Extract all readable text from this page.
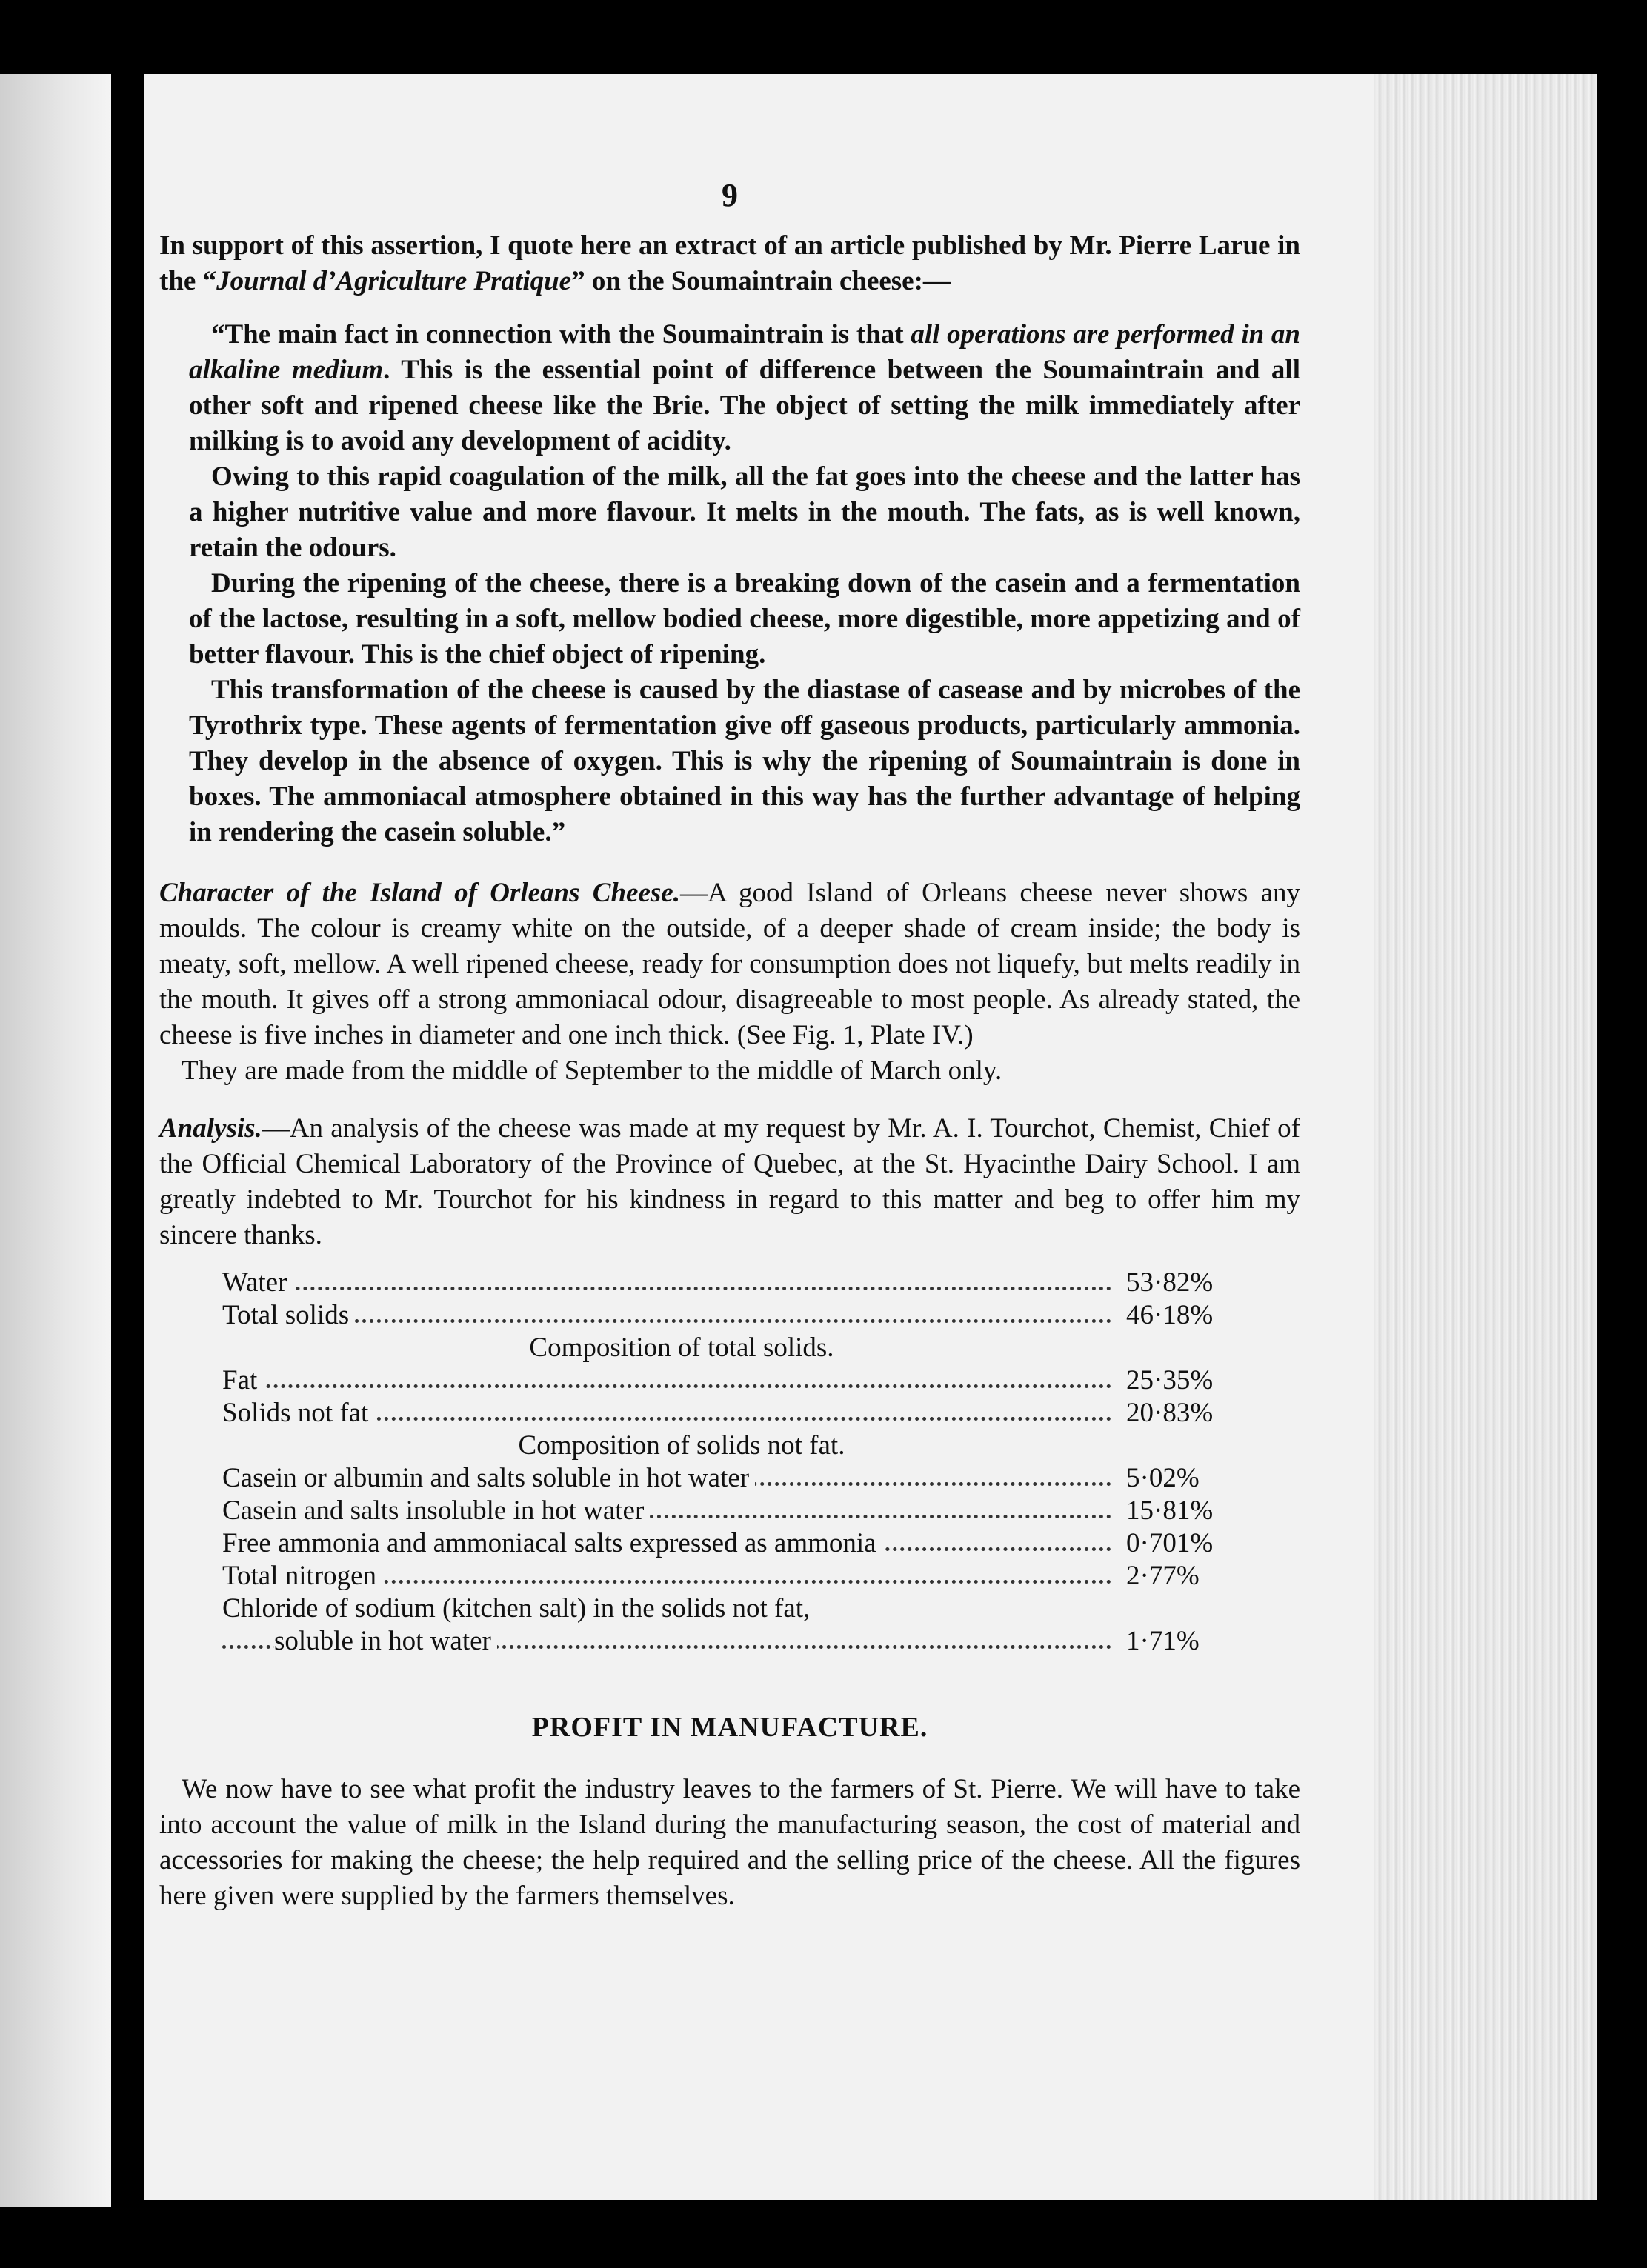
9

In support of this assertion, I quote here an extract of an article published by Mr. Pierre Larue in the “Journal d’Agriculture Pratique” on the Soumaintrain cheese:—

“The main fact in connection with the Soumaintrain is that all operations are performed in an alkaline medium. This is the essential point of difference between the Soumaintrain and all other soft and ripened cheese like the Brie. The object of setting the milk immediately after milking is to avoid any development of acidity.

Owing to this rapid coagulation of the milk, all the fat goes into the cheese and the latter has a higher nutritive value and more flavour. It melts in the mouth. The fats, as is well known, retain the odours.

During the ripening of the cheese, there is a breaking down of the casein and a fermentation of the lactose, resulting in a soft, mellow bodied cheese, more digestible, more appetizing and of better flavour. This is the chief object of ripening.

This transformation of the cheese is caused by the diastase of casease and by microbes of the Tyrothrix type. These agents of fermentation give off gaseous products, particularly ammonia. They develop in the absence of oxygen. This is why the ripening of Soumaintrain is done in boxes. The ammoniacal atmosphere obtained in this way has the further advantage of helping in rendering the casein soluble.”

Character of the Island of Orleans Cheese.—A good Island of Orleans cheese never shows any moulds. The colour is creamy white on the outside, of a deeper shade of cream inside; the body is meaty, soft, mellow. A well ripened cheese, ready for consumption does not liquefy, but melts readily in the mouth. It gives off a strong ammoniacal odour, disagreeable to most people. As already stated, the cheese is five inches in diameter and one inch thick. (See Fig. 1, Plate IV.)

They are made from the middle of September to the middle of March only.

Analysis.—An analysis of the cheese was made at my request by Mr. A. I. Tourchot, Chemist, Chief of the Official Chemical Laboratory of the Province of Quebec, at the St. Hyacinthe Dairy School. I am greatly indebted to Mr. Tourchot for his kindness in regard to this matter and beg to offer him my sincere thanks.

Water	53·82%
Total solids	46·18%
Composition of total solids.	
Fat	25·35%
Solids not fat	20·83%
Composition of solids not fat.	
Casein or albumin and salts soluble in hot water	5·02%
Casein and salts insoluble in hot water	15·81%
Free ammonia and ammoniacal salts expressed as ammonia	0·701%
Total nitrogen	2·77%
Chloride of sodium (kitchen salt) in the solids not fat,	
soluble in hot water	1·71%
PROFIT IN MANUFACTURE.

We now have to see what profit the industry leaves to the farmers of St. Pierre. We will have to take into account the value of milk in the Island during the manufacturing season, the cost of material and accessories for making the cheese; the help required and the selling price of the cheese. All the figures here given were supplied by the farmers themselves.
